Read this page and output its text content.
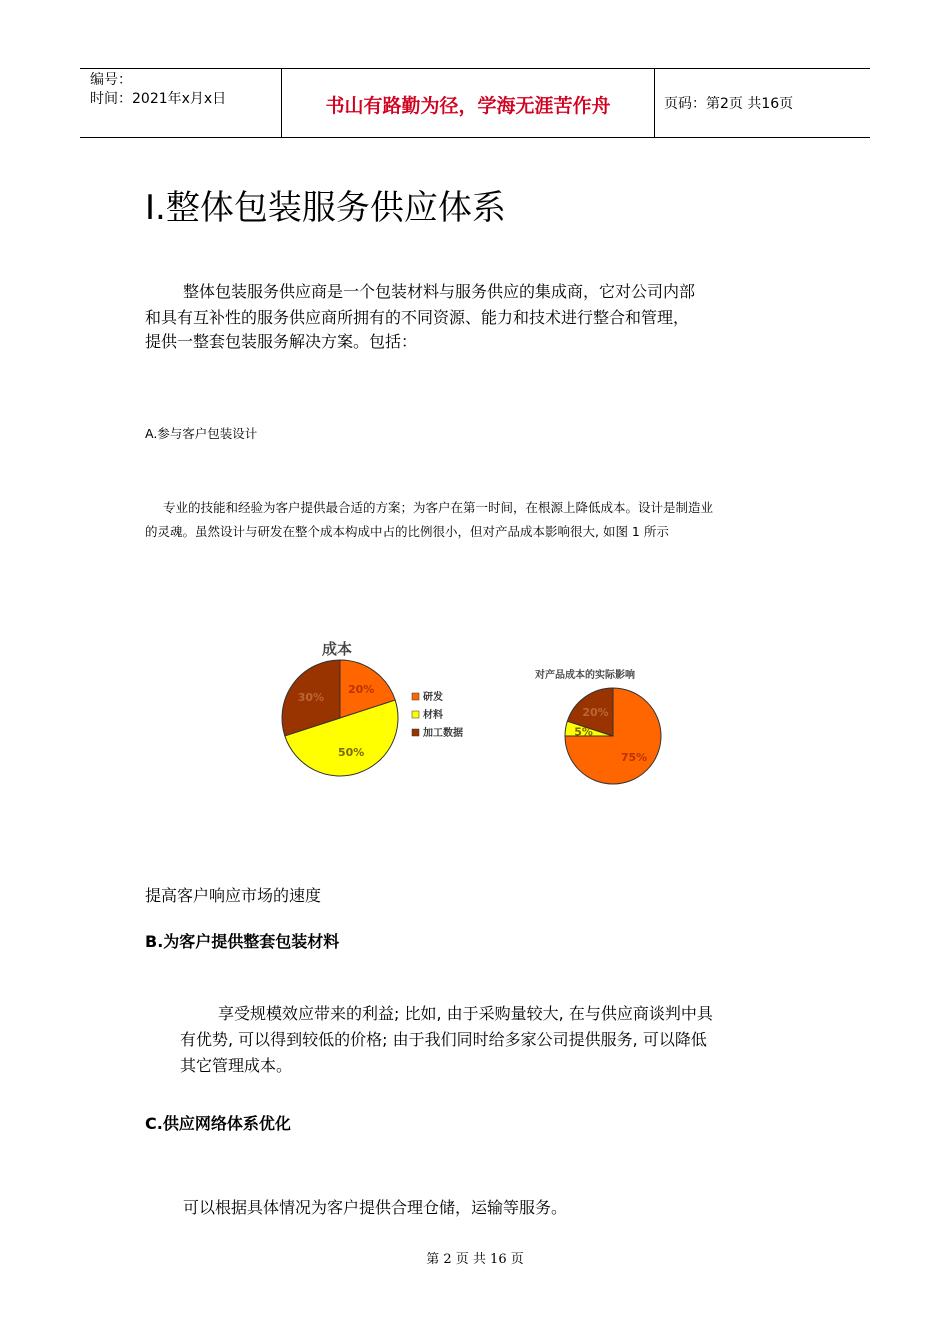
编号：
时间：2021年x月x日	书山有路勤为径，学海无涯苦作舟	页码：第2页 共16页
I.整体包装服务供应体系
整体包装服务供应商是一个包装材料与服务供应的集成商，它对公司内部
和具有互补性的服务供应商所拥有的不同资源、能力和技术进行整合和管理，
提供一整套包装服务解决方案。包括：
A.参与客户包装设计
专业的技能和经验为客户提供最合适的方案；为客户在第一时间，在根源上降低成本。设计是制造业
的灵魂。虽然设计与研发在整个成本构成中占的比例很小，但对产品成本影响很大, 如图 1 所示
成本
20%
50%
30%	研发
材料
加工数据
对产品成本的实际影响
75%
5%
20%
提高客户响应市场的速度
B.为客户提供整套包装材料
享受规模效应带来的利益; 比如, 由于采购量较大, 在与供应商谈判中具
有优势, 可以得到较低的价格; 由于我们同时给多家公司提供服务, 可以降低
其它管理成本。
C.供应网络体系优化
可以根据具体情况为客户提供合理仓储，运输等服务。
第 2 页 共 16 页
